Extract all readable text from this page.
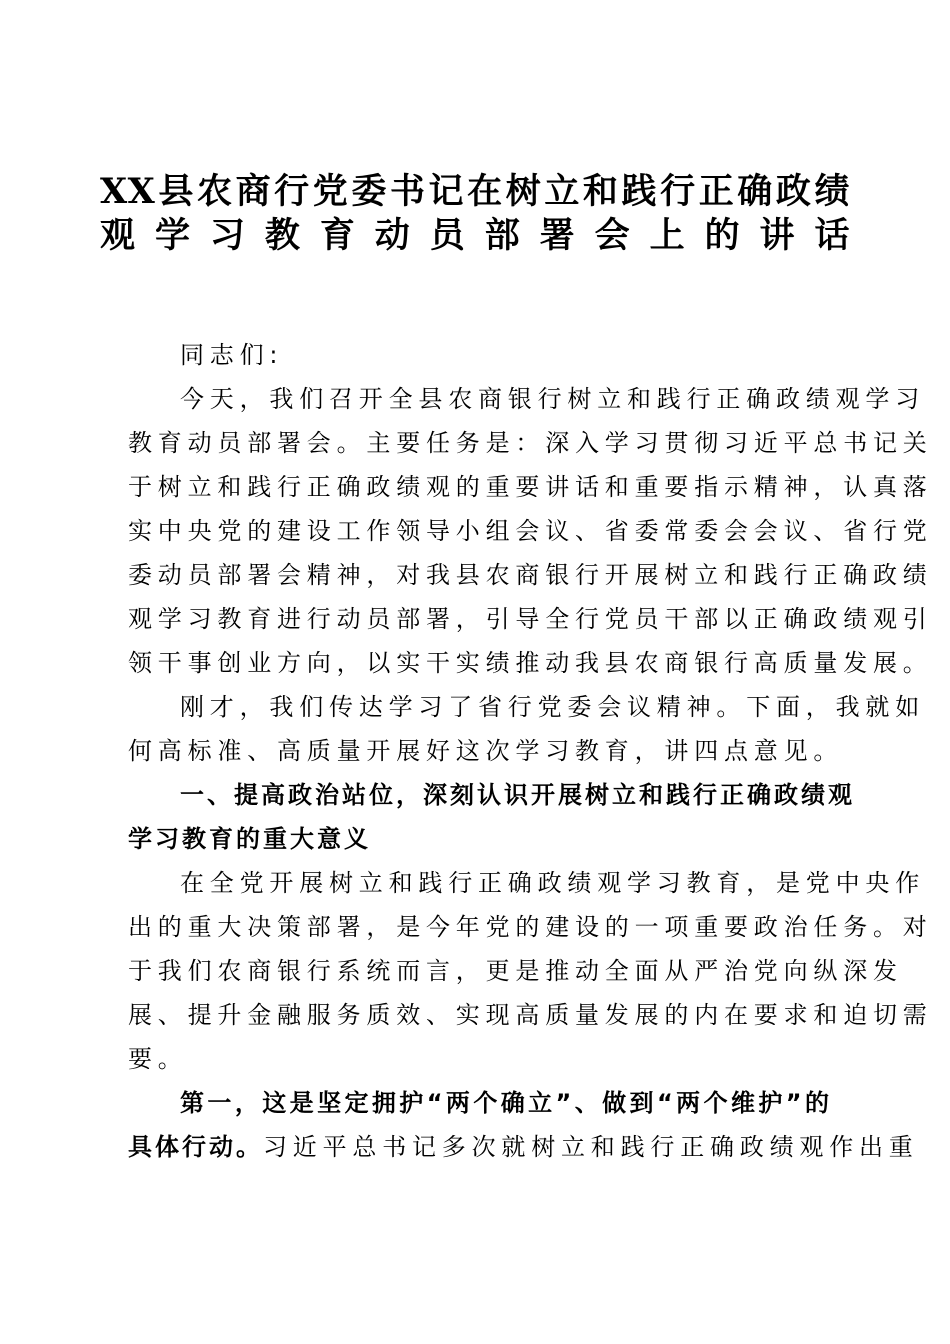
XX县农商行党委书记在树立和践行正确政绩
观学习教育动员部署会上的讲话
同志们:
今天，我们召开全县农商银行树立和践行正确政绩观学习
教育动员部署会。主要任务是：深入学习贯彻习近平总书记关
于树立和践行正确政绩观的重要讲话和重要指示精神，认真落
实中央党的建设工作领导小组会议、省委常委会会议、省行党
委动员部署会精神，对我县农商银行开展树立和践行正确政绩
观学习教育进行动员部署，引导全行党员干部以正确政绩观引
领干事创业方向，以实干实绩推动我县农商银行高质量发展。
刚才，我们传达学习了省行党委会议精神。下面，我就如
何高标准、高质量开展好这次学习教育，讲四点意见。
一、提高政治站位，深刻认识开展树立和践行正确政绩观
学习教育的重大意义
在全党开展树立和践行正确政绩观学习教育，是党中央作
出的重大决策部署，是今年党的建设的一项重要政治任务。对
于我们农商银行系统而言，更是推动全面从严治党向纵深发
展、提升金融服务质效、实现高质量发展的内在要求和迫切需
要。
第一，这是坚定拥护“两个确立”、做到“两个维护”的
具体行动。习近平总书记多次就树立和践行正确政绩观作出重
